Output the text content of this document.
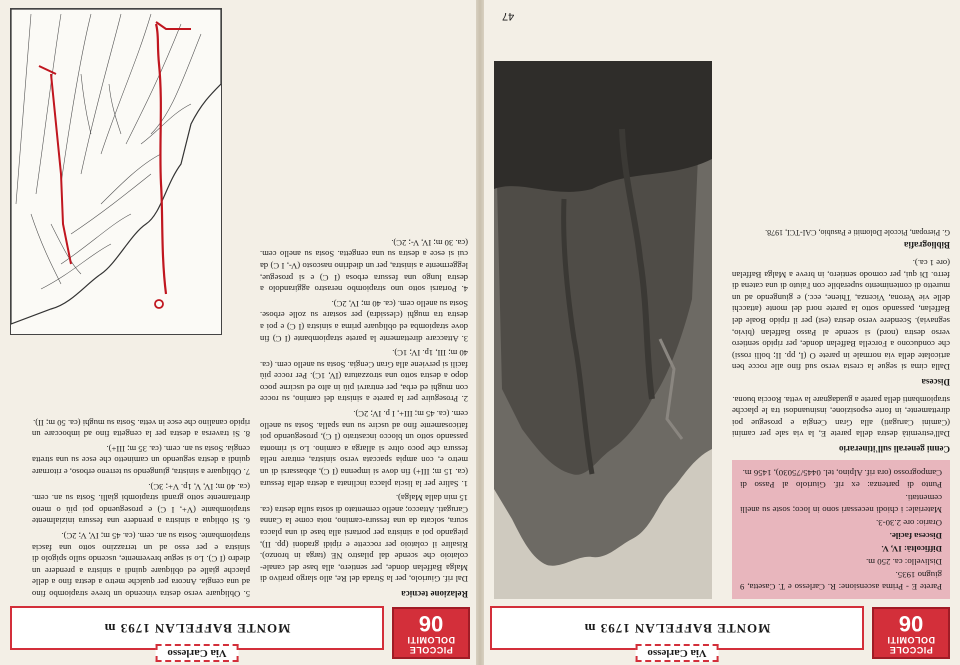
PICCOLE
DOLOMITI
06
Via Carlesso
MONTE BAFFELAN 1793 m

Parete E - Prima ascensione: R. Carlesso e T. Casetta, 9 giugno 1935.

Dislivello: ca. 250 m.

Difficoltà: IV, V.

Discesa facile.

Orario: ore 2.30-3.

Materiale: i chiodi necessari sono in loco; soste su anelli cementati.

Punto di partenza: ex rif. Giuriolo al Passo di Campogrosso (ora rif. Alpino, tel. 0445/75030), 1456 m.

Cenni generali sull'itinerario

Dall'estremità destra della parete E, la via sale per camini (Camini Carugati) alla Gran Cengia e prosegue poi direttamente, in forte esposizione, insinuandosi tra le placche strapiombanti della parete a guadagnare la vetta. Roccia buona.

Discesa

Dalla cima si segue la cresta verso sud fino alle rocce ben articolate della via normale in parete O (I, pp. II; bolli rossi) che conducono a Forcella Baffelan donde, per ripido sentiero verso destra (nord) si scende al Passo Baffelan (bivio, segnavia). Scendere verso destra (est) per il ripido Boale del Baffelan, passando sotto la parete nord del monte (attacchi delle vie Verona, Vicenza, Thiene, ecc.) e giungendo ad un muretto di contenimento superabile con l'aiuto di una catena di ferro. Di qui, per comodo sentiero, in breve a Malga Baffelan (ore 1 ca.).

Bibliografia

G. Pieropan, Piccole Dolomiti e Pasubio, CAI-TCI, 1978.

47
PICCOLE
DOLOMITI
06
Via Carlesso
MONTE BAFFELAN 1793 m

Relazione tecnica

Dal rif. Giuriolo, per la Strada del Re, allo slargo prativo di Malga Baffelan donde, per sentiero, alla base del canale-colatoio che scende dal pilastro NE (targa in bronzo). Risalire il colatoio per roccette e ripidi gradoni (pp. II), piegando poi a sinistra per portarsi alla base di una placca scura, solcata da una fessura-camino, nota come la Canna Carugati. Attacco; anello cementato di sosta sulla destra (ca. 15 min dalla Malga).

1. Salire per la liscia placca inclinata a destra della fessura (ca. 15 m; III+) fin dove si impenna (I C), abbassarsi di un metro e, con ampia spaccata verso sinistra, entrare nella fessura che poco oltre si allarga a camino. Lo si rimonta passando sotto un blocco incastrato (I C), proseguendo poi faticosamente fino ad uscire su una spalla. Sosta su anello cem. (ca. 45 m; III+, I p. IV; 2C).

2. Proseguire per la parete a sinistra del camino, su rocce con mughi ed erba, per entrarvi più in alto ed uscirne poco dopo a destra sotto una strozzatura (IV, 1C). Per rocce più facili si perviene alla Gran Cengia. Sosta su anello cem. (ca. 40 m; III, 1p. IV; 1C).

3. Attaccare direttamente la parete strapiombante (I C) fin dove strapiomba ed obliquare prima a sinistra (I C) e poi a destra tra mughi (clessidra) per sostare su zolle erbose. Sosta su anello cem. (ca. 40 m; IV, 2C).

4. Portarsi sotto uno strapiombo nerastro aggirandolo a destra lungo una fessura erbosa (I C) e si prosegue, leggermente a sinistra, per un diedrino nascosto (V-, I C) da cui si esce a destra su una cengetta. Sosta su anello cem. (ca. 30 m; IV, V-; 2C).

5. Obliquare verso destra vincendo un breve strapiombo fino ad una cengia. Ancora per qualche metro a destra fino a delle placche gialle ed obliquare quindi a sinistra a prendere un diedro (I C). Lo si segue brevemente, uscendo sullo spigolo di sinistra e per esso ad un terrazzino sotto una fascia strapiombante. Sosta su an. cem. (ca. 45 m; IV, V; 2C).

6. Si obliqua a sinistra a prendere una fessura inizialmente strapiombante (V+, I C) e proseguendo poi più o meno direttamente sotto grandi strapiombi gialli. Sosta su an. cem. (ca. 40 m; IV, V, 1p. V+; 3C).

7. Obliquare a sinistra, giungendo su terreno erboso, e ritornare quindi a destra seguendo un caminetto che esce su una stretta cengia. Sosta su an. cem. (ca. 35 m; III+).

8. Si traversa a destra per la cengetta fino ad imboccare un ripido canalino che esce in vetta. Sosta su mughi (ca. 50 m; II).
